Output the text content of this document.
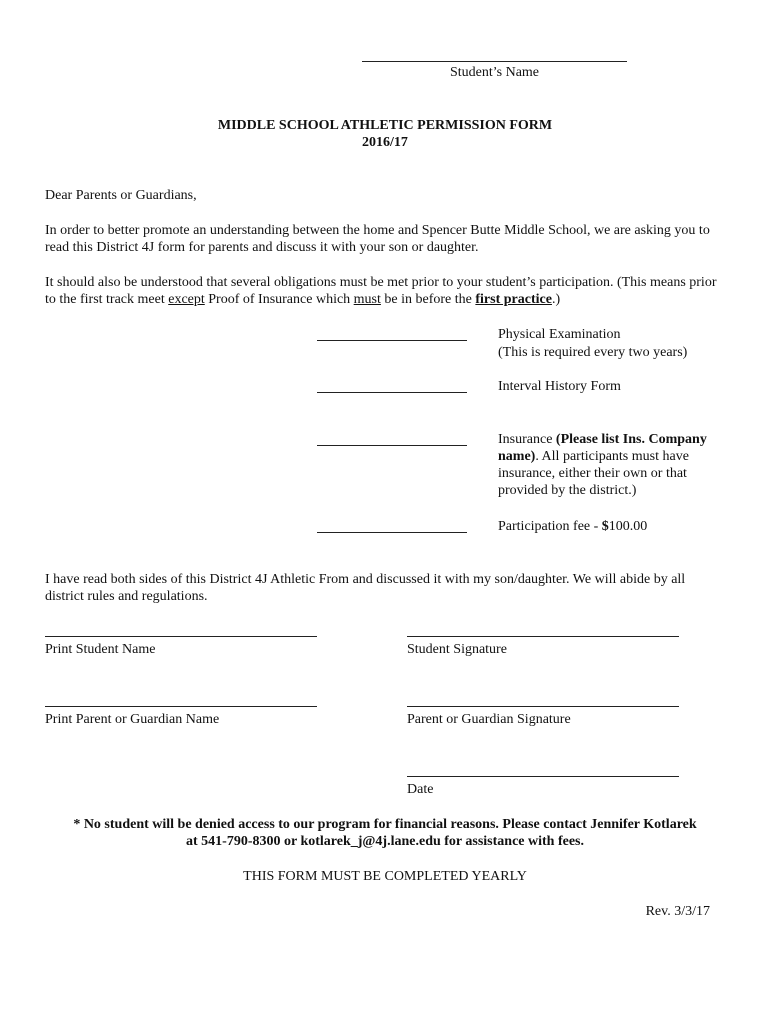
Student’s Name
MIDDLE SCHOOL ATHLETIC PERMISSION FORM
2016/17
Dear Parents or Guardians,
In order to better promote an understanding between the home and Spencer Butte Middle School, we are asking you to read this District 4J form for parents and discuss it with your son or daughter.
It should also be understood that several obligations must be met prior to your student’s participation. (This means prior to the first track meet except Proof of Insurance which must be in before the first practice.)
Physical Examination
(This is required every two years)
Interval History Form
Insurance (Please list Ins. Company name). All participants must have insurance, either their own or that provided by the district.)
Participation fee - $100.00
I have read both sides of this District 4J Athletic From and discussed it with my son/daughter. We will abide by all district rules and regulations.
Print Student Name	Student Signature
Print Parent or Guardian Name	Parent or Guardian Signature
Date
* No student will be denied access to our program for financial reasons. Please contact Jennifer Kotlarek
at 541-790-8300 or kotlarek_j@4j.lane.edu for assistance with fees.
THIS FORM MUST BE COMPLETED YEARLY
Rev. 3/3/17
